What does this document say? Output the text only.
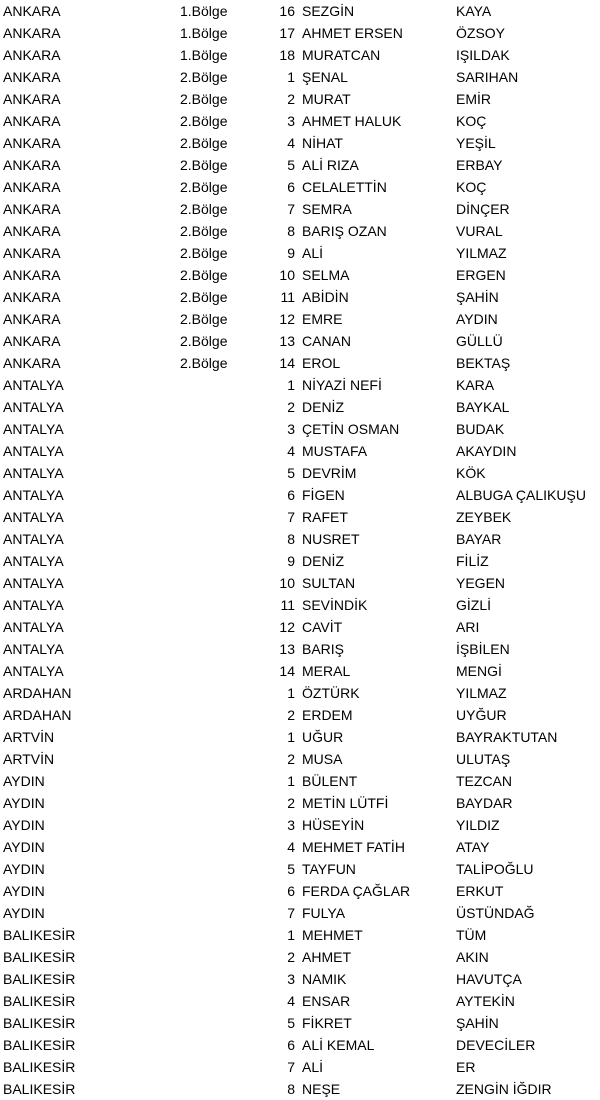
ANKARA	1.Bölge	16 SEZGİN	KAYA
ANKARA	1.Bölge	17 AHMET ERSEN	ÖZSOY
ANKARA	1.Bölge	18 MURATCAN	IŞILDAK
ANKARA	2.Bölge	1 ŞENAL	SARIHAN
ANKARA	2.Bölge	2 MURAT	EMİR
ANKARA	2.Bölge	3 AHMET HALUK	KOÇ
ANKARA	2.Bölge	4 NİHAT	YEŞİL
ANKARA	2.Bölge	5 ALİ RIZA	ERBAY
ANKARA	2.Bölge	6 CELALETTİN	KOÇ
ANKARA	2.Bölge	7 SEMRA	DİNÇER
ANKARA	2.Bölge	8 BARIŞ OZAN	VURAL
ANKARA	2.Bölge	9 ALİ	YILMAZ
ANKARA	2.Bölge	10 SELMA	ERGEN
ANKARA	2.Bölge	11 ABİDİN	ŞAHİN
ANKARA	2.Bölge	12 EMRE	AYDIN
ANKARA	2.Bölge	13 CANAN	GÜLLÜ
ANKARA	2.Bölge	14 EROL	BEKTAŞ
ANTALYA	1 NİYAZİ NEFİ	KARA
ANTALYA	2 DENİZ	BAYKAL
ANTALYA	3 ÇETİN OSMAN	BUDAK
ANTALYA	4 MUSTAFA	AKAYDIN
ANTALYA	5 DEVRİM	KÖK
ANTALYA	6 FİGEN	ALBUGA ÇALIKUŞU
ANTALYA	7 RAFET	ZEYBEK
ANTALYA	8 NUSRET	BAYAR
ANTALYA	9 DENİZ	FİLİZ
ANTALYA	10 SULTAN	YEGEN
ANTALYA	11 SEVİNDİK	GİZLİ
ANTALYA	12 CAVİT	ARI
ANTALYA	13 BARIŞ	İŞBİLEN
ANTALYA	14 MERAL	MENGİ
ARDAHAN	1 ÖZTÜRK	YILMAZ
ARDAHAN	2 ERDEM	UYĞUR
ARTVİN	1 UĞUR	BAYRAKTUTAN
ARTVİN	2 MUSA	ULUTAŞ
AYDIN	1 BÜLENT	TEZCAN
AYDIN	2 METİN LÜTFİ	BAYDAR
AYDIN	3 HÜSEYİN	YILDIZ
AYDIN	4 MEHMET FATİH	ATAY
AYDIN	5 TAYFUN	TALİPOĞLU
AYDIN	6 FERDA ÇAĞLAR	ERKUT
AYDIN	7 FULYA	ÜSTÜNDAĞ
BALIKESİR	1 MEHMET	TÜM
BALIKESİR	2 AHMET	AKIN
BALIKESİR	3 NAMIK	HAVUTÇA
BALIKESİR	4 ENSAR	AYTEKİN
BALIKESİR	5 FİKRET	ŞAHİN
BALIKESİR	6 ALİ KEMAL	DEVECİLER
BALIKESİR	7 ALİ	ER
BALIKESİR	8 NEŞE	ZENGİN İĞDIR
